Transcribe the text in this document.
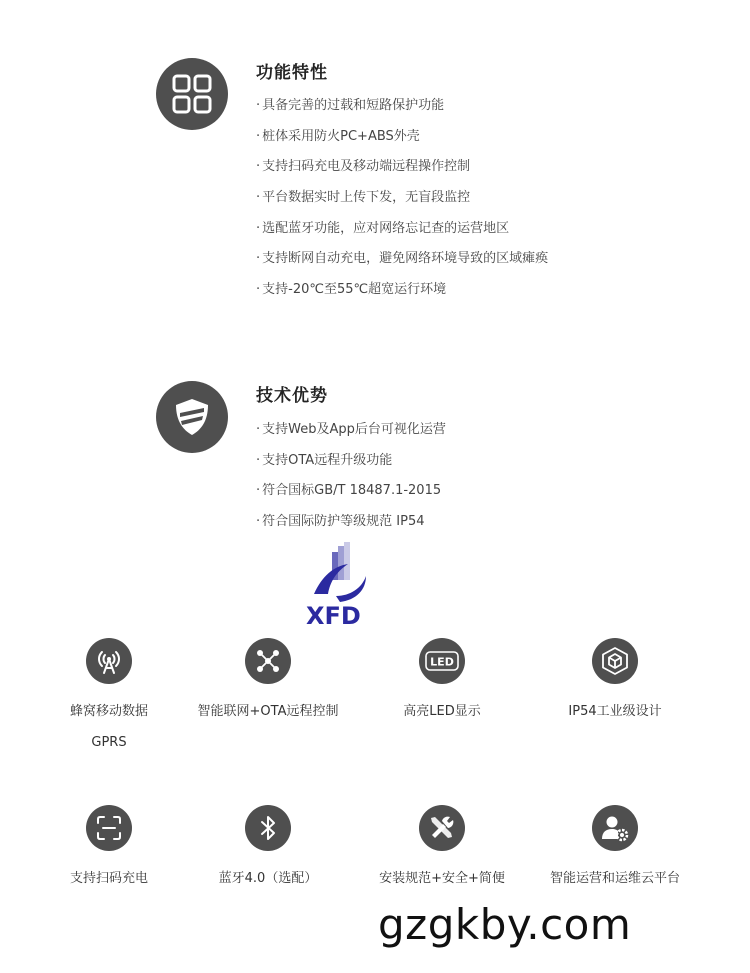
功能特性
· 具备完善的过载和短路保护功能
· 桩体采用防火PC+ABS外壳
· 支持扫码充电及移动端远程操作控制
· 平台数据实时上传下发，无盲段监控
· 选配蓝牙功能，应对网络忘记查的运营地区
· 支持断网自动充电，避免网络环境导致的区域瘫痪
· 支持-20℃至55℃超宽运行环境
技术优势
· 支持Web及App后台可视化运营
· 支持OTA远程升级功能
· 符合国标GB/T 18487.1-2015
· 符合国际防护等级规范 IP54
XFD
蜂窝移动数据
GPRS
智能联网+OTA远程控制
LED
高亮LED显示	IP54工业级设计
支持扫码充电	蓝牙4.0（选配）	安装规范+安全+简便	智能运营和运维云平台
gzgkby.com
